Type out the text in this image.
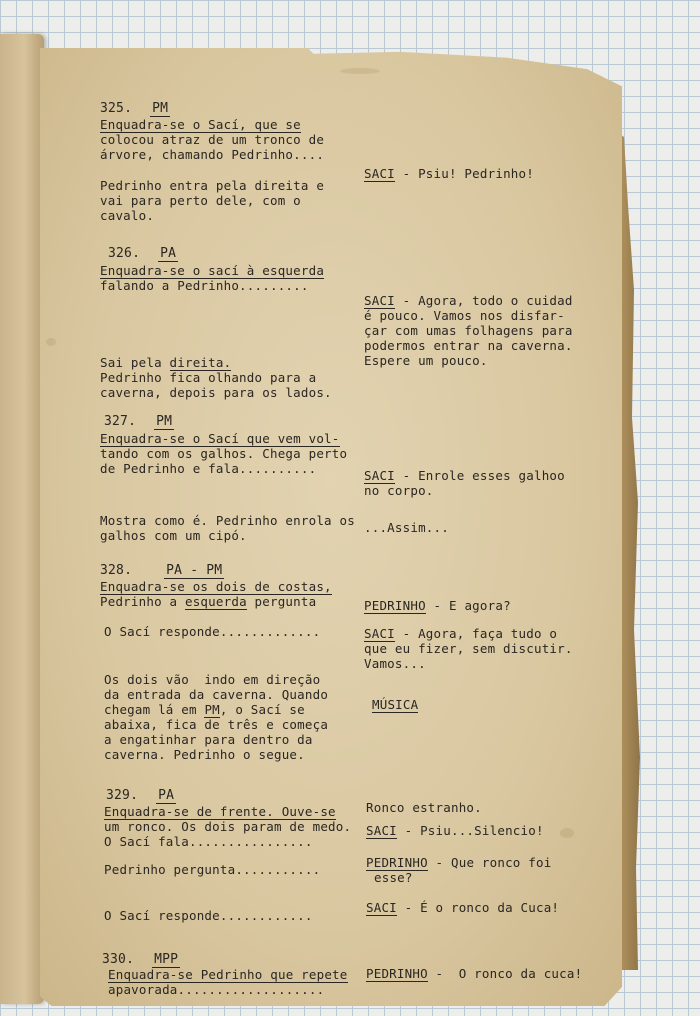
325. PM
Enquadra-se o Sací, que se
colocou atraz de um tronco de
árvore, chamando Pedrinho....
Pedrinho entra pela direita e
vai para perto dele, com o
cavalo.
SACI - Psiu! Pedrinho!
326. PA
Enquadra-se o sací à esquerda
falando a Pedrinho.........
Sai pela direita.
Pedrinho fica olhando para a
caverna, depois para os lados.
SACI - Agora, todo o cuidad
é pouco. Vamos nos disfar-
çar com umas folhagens para
podermos entrar na caverna.
Espere um pouco.
327. PM
Enquadra-se o Sací que vem vol-
tando com os galhos. Chega perto
de Pedrinho e fala..........
Mostra como é. Pedrinho enrola os
galhos com um cipó.
SACI - Enrole esses galhoo
no corpo.
...Assim...
328.	PA - PM
Enquadra-se os dois de costas,
Pedrinho a esquerda pergunta
O Sací responde.............
Os dois vão  indo em direção
da entrada da caverna. Quando
chegam lá em PM, o Sací se
abaixa, fica de três e começa
a engatinhar para dentro da
caverna. Pedrinho o segue.
PEDRINHO - E agora?
SACI - Agora, faça tudo o
que eu fizer, sem discutir.
Vamos...
MÚSICA
329. PA
Enquadra-se de frente. Ouve-se
um ronco. Os dois param de medo.
O Sací fala................
Pedrinho pergunta...........
O Sací responde............
Ronco estranho.
SACI - Psiu...Silencio!
PEDRINHO - Que ronco foi
esse?
SACI - É o ronco da Cuca!
330. MPP
Enquadra-se Pedrinho que repete
apavorada...................
PEDRINHO -  O ronco da cuca!
